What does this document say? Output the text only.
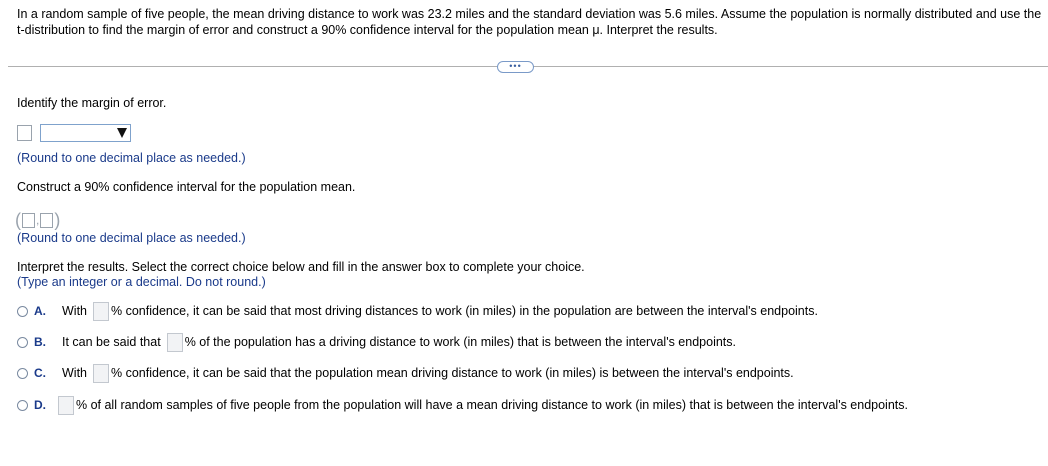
In a random sample of five people, the mean driving distance to work was 23.2 miles and the standard deviation was 5.6 miles. Assume the population is normally distributed and use the t-distribution to find the margin of error and construct a 90% confidence interval for the population mean μ. Interpret the results.
•••
Identify the margin of error.
(Round to one decimal place as needed.)
Construct a 90% confidence interval for the population mean.
( , )
(Round to one decimal place as needed.)
Interpret the results. Select the correct choice below and fill in the answer box to complete your choice.
(Type an integer or a decimal. Do not round.)
A.	With % confidence, it can be said that most driving distances to work (in miles) in the population are between the interval's endpoints.
B.	It can be said that % of the population has a driving distance to work (in miles) that is between the interval's endpoints.
C.	With % confidence, it can be said that the population mean driving distance to work (in miles) is between the interval's endpoints.
D.	% of all random samples of five people from the population will have a mean driving distance to work (in miles) that is between the interval's endpoints.
